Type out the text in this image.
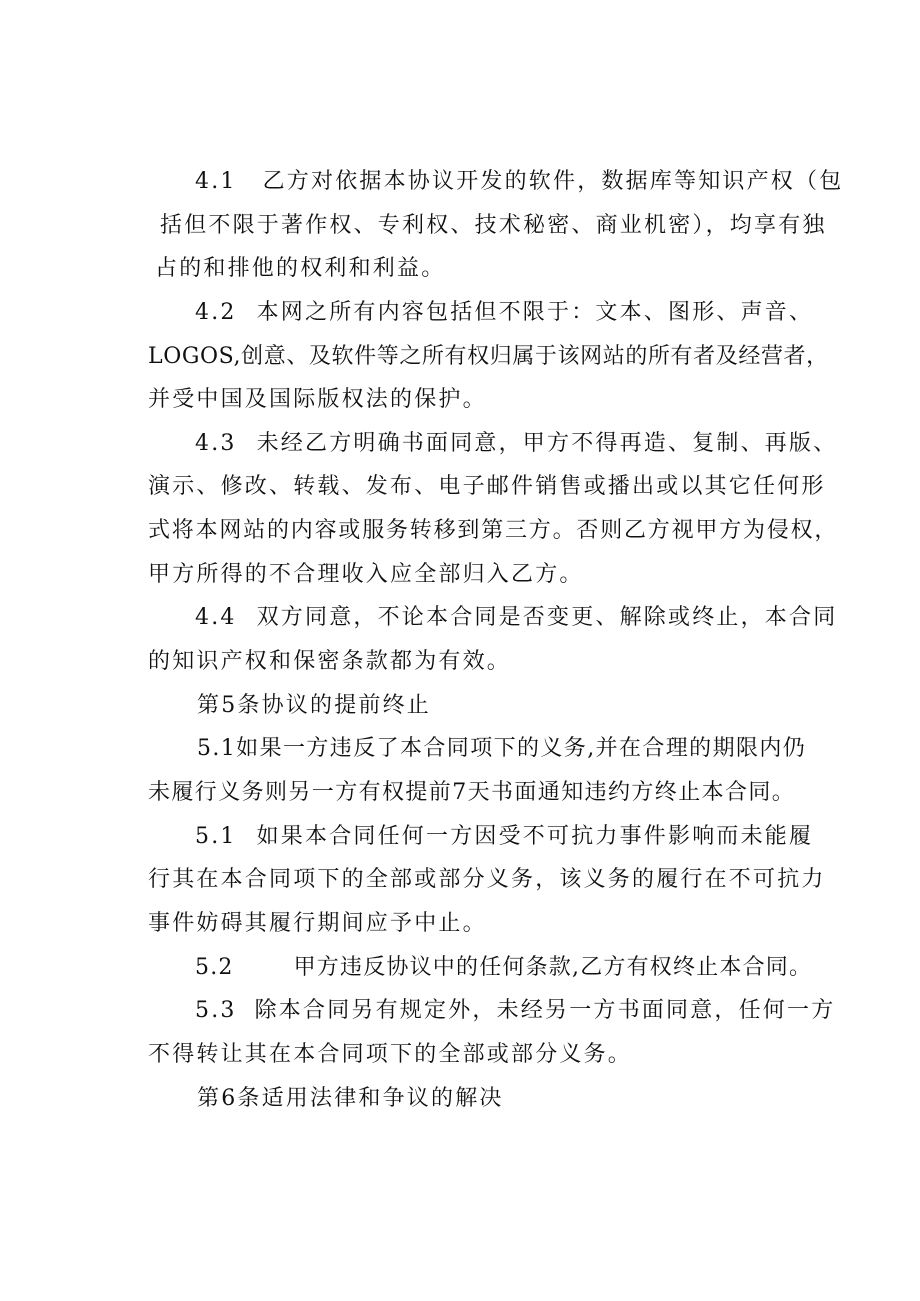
4.1 乙方对依据本协议开发的软件，数据库等知识产权（包
括但不限于著作权、专利权、技术秘密、商业机密），均享有独
占的和排他的权利和利益。
4.2 本网之所有内容包括但不限于：文本、图形、声音、
LOGOS,创意、及软件等之所有权归属于该网站的所有者及经营者，
并受中国及国际版权法的保护。
4.3 未经乙方明确书面同意，甲方不得再造、复制、再版、
演示、修改、转载、发布、电子邮件销售或播出或以其它任何形
式将本网站的内容或服务转移到第三方。否则乙方视甲方为侵权，
甲方所得的不合理收入应全部归入乙方。
4.4 双方同意，不论本合同是否变更、解除或终止，本合同
的知识产权和保密条款都为有效。
第5条协议的提前终止
5.1如果一方违反了本合同项下的义务,并在合理的期限内仍
未履行义务则另一方有权提前7天书面通知违约方终止本合同。
5.1 如果本合同任何一方因受不可抗力事件影响而未能履
行其在本合同项下的全部或部分义务，该义务的履行在不可抗力
事件妨碍其履行期间应予中止。
5.2	甲方违反协议中的任何条款,乙方有权终止本合同。
5.3 除本合同另有规定外，未经另一方书面同意，任何一方
不得转让其在本合同项下的全部或部分义务。
第6条适用法律和争议的解决
